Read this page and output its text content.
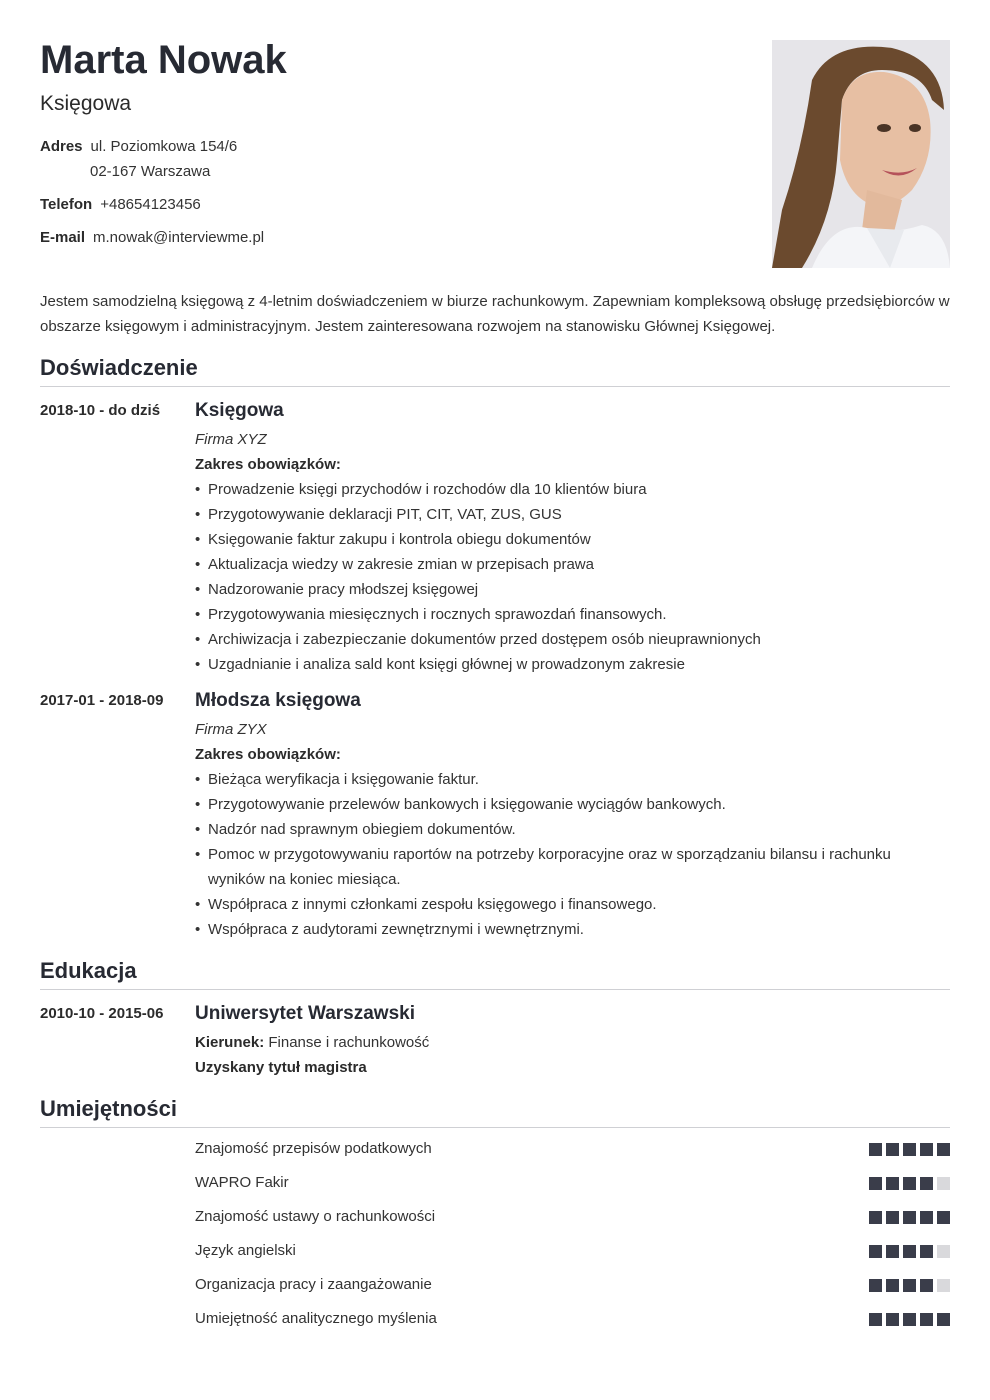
Marta Nowak
Księgowa
Adres ul. Poziomkowa 154/6
02-167 Warszawa
Telefon +48654123456
E-mail m.nowak@interviewme.pl
Jestem samodzielną księgową z 4-letnim doświadczeniem w biurze rachunkowym. Zapewniam kompleksową obsługę przedsiębiorców w obszarze księgowym i administracyjnym. Jestem zainteresowana rozwojem na stanowisku Głównej Księgowej.
Doświadczenie
2018-10 - do dziś Księgowa
Firma XYZ
Zakres obowiązków:
• Prowadzenie księgi przychodów i rozchodów dla 10 klientów biura
• Przygotowywanie deklaracji PIT, CIT, VAT, ZUS, GUS
• Księgowanie faktur zakupu i kontrola obiegu dokumentów
• Aktualizacja wiedzy w zakresie zmian w przepisach prawa
• Nadzorowanie pracy młodszej księgowej
• Przygotowywania miesięcznych i rocznych sprawozdań finansowych.
• Archiwizacja i zabezpieczanie dokumentów przed dostępem osób nieuprawnionych
• Uzgadnianie i analiza sald kont księgi głównej w prowadzonym zakresie
2017-01 - 2018-09 Młodsza księgowa
Firma ZYX
Zakres obowiązków:
• Bieżąca weryfikacja i księgowanie faktur.
• Przygotowywanie przelewów bankowych i księgowanie wyciągów bankowych.
• Nadzór nad sprawnym obiegiem dokumentów.
• Pomoc w przygotowywaniu raportów na potrzeby korporacyjne oraz w sporządzaniu bilansu i rachunku wyników na koniec miesiąca.
• Współpraca z innymi członkami zespołu księgowego i finansowego.
• Współpraca z audytorami zewnętrznymi i wewnętrznymi.
Edukacja
2010-10 - 2015-06 Uniwersytet Warszawski
Kierunek: Finanse i rachunkowość
Uzyskany tytuł magistra
Umiejętności
Znajomość przepisów podatkowych
WAPRO Fakir
Znajomość ustawy o rachunkowości
Język angielski
Organizacja pracy i zaangażowanie
Umiejętność analitycznego myślenia
